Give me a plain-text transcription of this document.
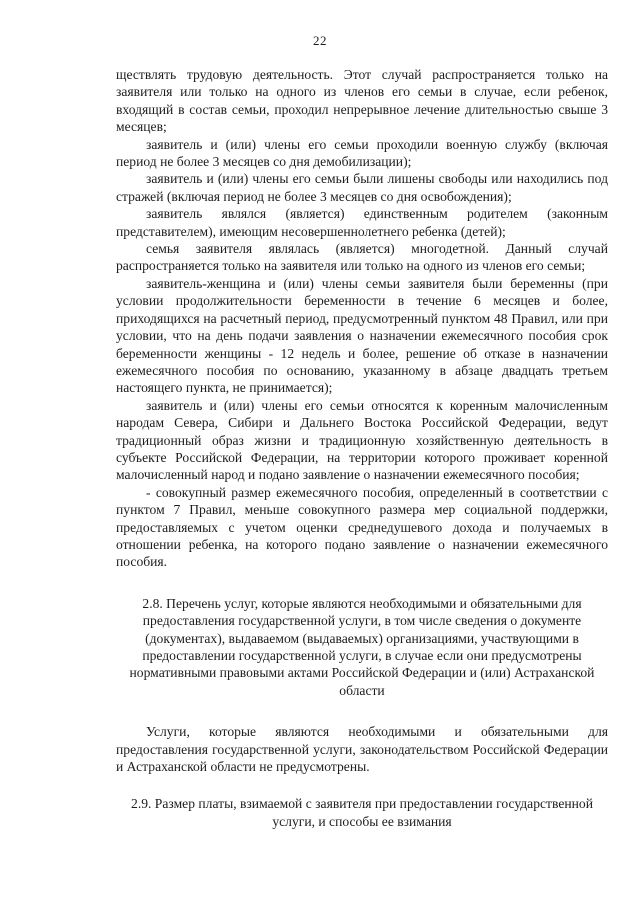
22

ществлять трудовую деятельность. Этот случай распространяется только на заявителя или только на одного из членов его семьи в случае, если ребенок, входящий в состав семьи, проходил непрерывное лечение длительностью свыше 3 месяцев;

заявитель и (или) члены его семьи проходили военную службу (включая период не более 3 месяцев со дня демобилизации);

заявитель и (или) члены его семьи были лишены свободы или находились под стражей (включая период не более 3 месяцев со дня освобождения);

заявитель являлся (является) единственным родителем (законным представителем), имеющим несовершеннолетнего ребенка (детей);

семья заявителя являлась (является) многодетной. Данный случай распространяется только на заявителя или только на одного из членов его семьи;

заявитель-женщина и (или) члены семьи заявителя были беременны (при условии продолжительности беременности в течение 6 месяцев и более, приходящихся на расчетный период, предусмотренный пунктом 48 Правил, или при условии, что на день подачи заявления о назначении ежемесячного пособия срок беременности женщины - 12 недель и более, решение об отказе в назначении ежемесячного пособия по основанию, указанному в абзаце двадцать третьем настоящего пункта, не принимается);

заявитель и (или) члены его семьи относятся к коренным малочисленным народам Севера, Сибири и Дальнего Востока Российской Федерации, ведут традиционный образ жизни и традиционную хозяйственную деятельность в субъекте Российской Федерации, на территории которого проживает коренной малочисленный народ и подано заявление о назначении ежемесячного пособия;

- совокупный размер ежемесячного пособия, определенный в соответствии с пунктом 7 Правил, меньше совокупного размера мер социальной поддержки, предоставляемых с учетом оценки среднедушевого дохода и получаемых в отношении ребенка, на которого подано заявление о назначении ежемесячного пособия.

2.8. Перечень услуг, которые являются необходимыми и обязательными для предоставления государственной услуги, в том числе сведения о документе (документах), выдаваемом (выдаваемых) организациями, участвующими в предоставлении государственной услуги, в случае если они предусмотрены нормативными правовыми актами Российской Федерации и (или) Астраханской области

Услуги, которые являются необходимыми и обязательными для предоставления государственной услуги, законодательством Российской Федерации и Астраханской области не предусмотрены.

2.9. Размер платы, взимаемой с заявителя при предоставлении государственной услуги, и способы ее взимания
